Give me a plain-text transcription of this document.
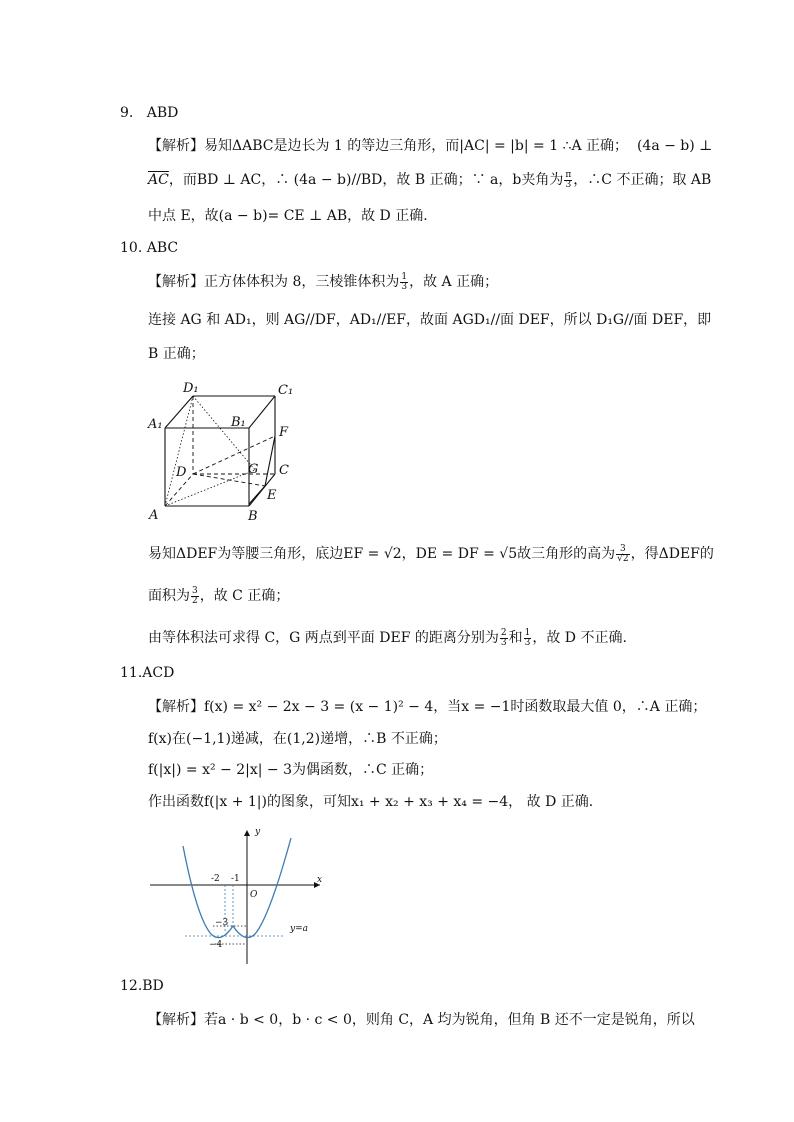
9. ABD
【解析】易知ΔABC是边长为 1 的等边三角形，而|AC| = |b| = 1 ∴A 正确； (4a − b) ⊥
$\overline{AC}$，而BD ⊥ AC，∴ (4a − b)//BD，故 B 正确；∵ a，b夹角为 $\frac{\pi}{3}$ ，∴C 不正确；取 AB
中点 E，故(a − b)= CE ⊥ AB，故 D 正确.
10. ABC
【解析】正方体体积为 8，三棱锥体积为 $\frac{1}{3}$ ，故 A 正确；
连接 AG 和 AD₁，则 AG//DF，AD₁//EF，故面 AGD₁//面 DEF，所以 D₁G//面 DEF，即
B 正确；
D₁	C₁
A₁	B₁
F
D	G C
E
A	B
易知ΔDEF为等腰三角形，底边EF = √2，DE = DF = √5故三角形的高为 $\frac{3}{√2}$ ，得ΔDEF的
面积为 $\frac{3}{2}$ ，故 C 正确；
由等体积法可求得 C，G 两点到平面 DEF 的距离分别为 $\frac{2}{3}$ 和 $\frac{1}{3}$ ，故 D 不正确.
11.ACD
【解析】f(x) = x² − 2x − 3 = (x − 1)² − 4，当x = −1时函数取最大值 0，∴A 正确；
f(x)在(−1,1)递减，在(1,2)递增，∴B 不正确；
f(|x|) = x² − 2|x| − 3为偶函数，∴C 正确；
作出函数f(|x + 1|)的图象，可知x₁ + x₂ + x₃ + x₄ = −4， 故 D 正确.
y
x
-2 -1
O
−3
−4
y=a
12.BD
【解析】若a · b < 0，b · c < 0，则角 C，A 均为锐角，但角 B 还不一定是锐角，所以
